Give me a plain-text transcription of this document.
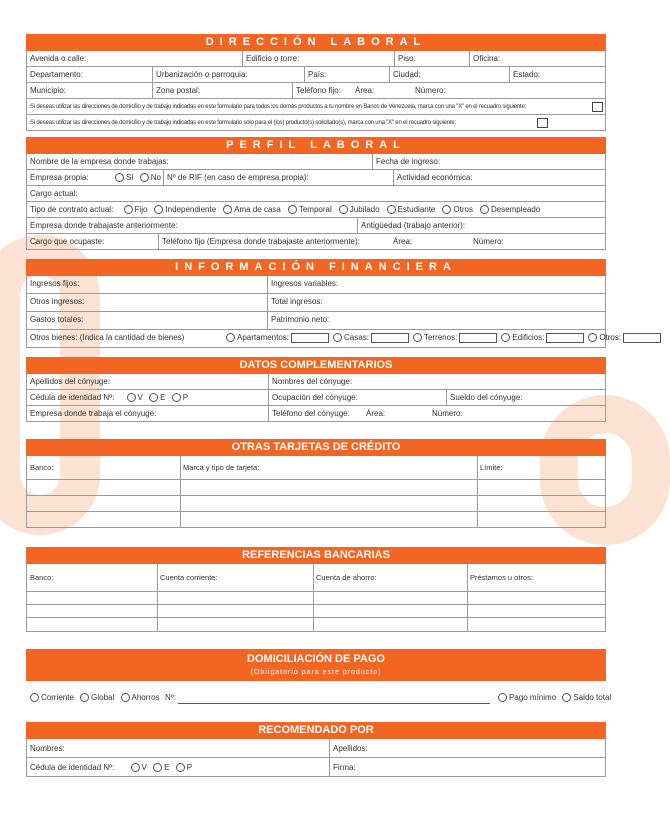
DIRECCIÓN LABORAL
Avenida o calle:	Edificio o torre:	Piso:	Oficina:
Departamento:	Urbanización o parroquia:	País:	Ciudad:	Estado:
Municipio:	Zona postal:	Teléfono fijo:	Área:	Número:
Si deseas utilizar las direcciones de domicilio y de trabajo indicadas en este formulario para todos los demás productos a tu nombre en Banco de Venezuela, marca con una "X" en el recuadro siguiente:
Si deseas utilizar las direcciones de domicilio y de trabajo indicadas en este formulario solo para el (los) producto(s) solicitado(s), marca con una "X" en el recuadro siguiente:
PERFIL LABORAL
Nombre de la empresa donde trabajas:	Fecha de ingreso:
Empresa propia:	Sí No Nº de RIF (en caso de empresa propia):	Actividad económica:
Cargo actual:
Tipo de contrato actual:	Fijo Independiente Ama de casa Temporal Jubilado Estudiante Otros Desempleado
Empresa donde trabajaste anteriormente:	Antigüedad (trabajo anterior):
Cargo que ocupaste:	Teléfono fijo (Empresa donde trabajaste anteriormente):	Área:	Número:
INFORMACIÓN FINANCIERA
Ingresos fijos:	Ingresos variables:
Otros ingresos:	Total ingresos:
Gastos totales:	Patrimonio neto:
Otros bienes: (Indica la cantidad de bienes)	Apartamentos:	Casas:	Terrenos:	Edificios:	Otros:
DATOS COMPLEMENTARIOS
Apellidos del cónyuge:	Nombres del cónyuge:
Cédula de identidad Nº:	V E P	Ocupación del cónyuge:	Sueldo del cónyuge:
Empresa donde trabaja el cónyuge:	Teléfono del cónyuge:	Área:	Número:
OTRAS TARJETAS DE CRÉDITO
Banco:	Marca y tipo de tarjeta:	Límite:
REFERENCIAS BANCARIAS
Banco:	Cuenta corriente:	Cuenta de ahorro:	Préstamos u otros:
DOMICILIACIÓN DE PAGO
(Obligatorio para este producto)
Corriente Global Ahorros Nº:	Pago mínimo Saldo total
RECOMENDADO POR
Nombres:	Apellidos:
Cédula de identidad Nº:	V E P	Firma:
